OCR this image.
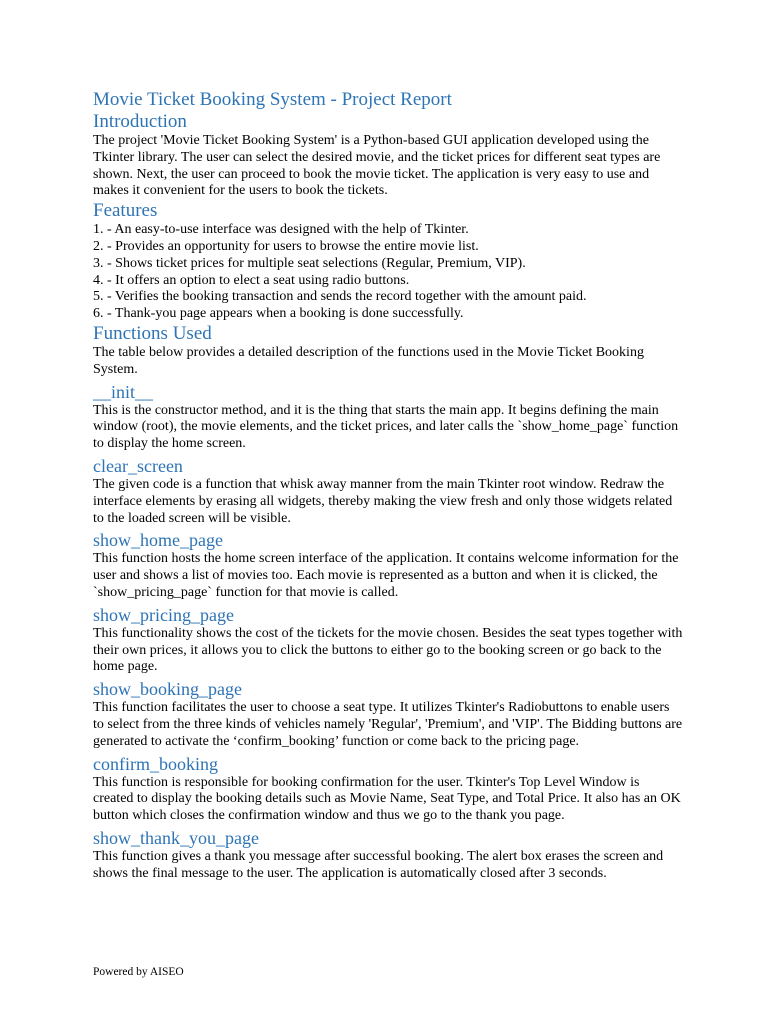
Movie Ticket Booking System - Project Report
Introduction

The project 'Movie Ticket Booking System' is a Python-based GUI application developed using the Tkinter library. The user can select the desired movie, and the ticket prices for different seat types are shown. Next, the user can proceed to book the movie ticket. The application is very easy to use and makes it convenient for the users to book the tickets.

Features
1. - An easy-to-use interface was designed with the help of Tkinter.
2. - Provides an opportunity for users to browse the entire movie list.
3. - Shows ticket prices for multiple seat selections (Regular, Premium, VIP).
4. - It offers an option to elect a seat using radio buttons.
5. - Verifies the booking transaction and sends the record together with the amount paid.
6. - Thank-you page appears when a booking is done successfully.
Functions Used

The table below provides a detailed description of the functions used in the Movie Ticket Booking System.

__init__

This is the constructor method, and it is the thing that starts the main app. It begins defining the main window (root), the movie elements, and the ticket prices, and later calls the `show_home_page` function to display the home screen.

clear_screen

The given code is a function that whisk away manner from the main Tkinter root window. Redraw the interface elements by erasing all widgets, thereby making the view fresh and only those widgets related to the loaded screen will be visible.

show_home_page

This function hosts the home screen interface of the application. It contains welcome information for the user and shows a list of movies too. Each movie is represented as a button and when it is clicked, the `show_pricing_page` function for that movie is called.

show_pricing_page

This functionality shows the cost of the tickets for the movie chosen. Besides the seat types together with their own prices, it allows you to click the buttons to either go to the booking screen or go back to the home page.

show_booking_page

This function facilitates the user to choose a seat type. It utilizes Tkinter's Radiobuttons to enable users to select from the three kinds of vehicles namely 'Regular', 'Premium', and 'VIP'. The Bidding buttons are generated to activate the ‘confirm_booking’ function or come back to the pricing page.

confirm_booking

This function is responsible for booking confirmation for the user. Tkinter's Top Level Window is created to display the booking details such as Movie Name, Seat Type, and Total Price. It also has an OK button which closes the confirmation window and thus we go to the thank you page.

show_thank_you_page

This function gives a thank you message after successful booking. The alert box erases the screen and shows the final message to the user. The application is automatically closed after 3 seconds.

Powered by AISEO
